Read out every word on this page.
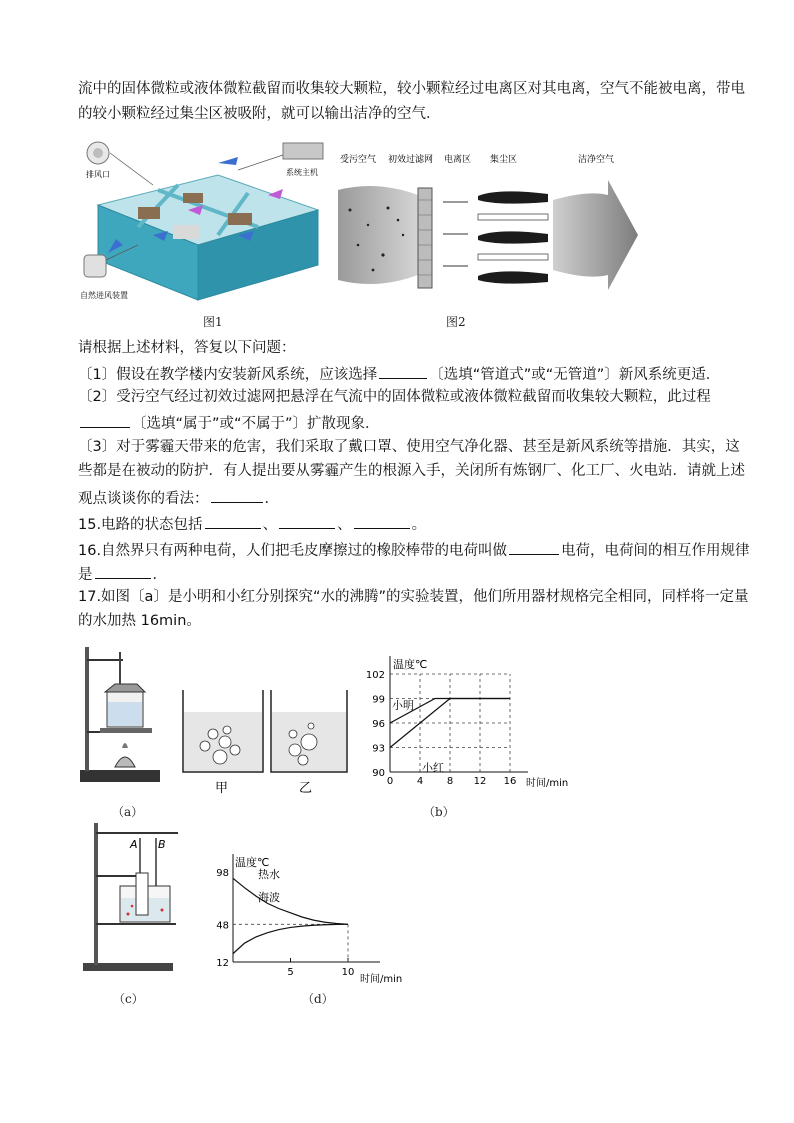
流中的固体微粒或液体微粒截留而收集较大颗粒，较小颗粒经过电离区对其电离，空气不能被电离，带电
的较小颗粒经过集尘区被吸附，就可以输出洁净的空气．
排风口	系统主机
自然进风装置
图1
受污空气 初效过滤网 电离区 集尘区	洁净空气
图2
请根据上述材料，答复以下问题：
〔1〕假设在教学楼内安装新风系统，应该选择	〔选填“管道式”或“无管道”〕新风系统更适．
〔2〕受污空气经过初效过滤网把悬浮在气流中的固体微粒或液体微粒截留而收集较大颗粒，此过程
〔选填“属于”或“不属于”〕扩散现象．
〔3〕对于雾霾天带来的危害，我们采取了戴口罩、使用空气净化器、甚至是新风系统等措施．其实，这
些都是在被动的防护．有人提出要从雾霾产生的根源入手，关闭所有炼钢厂、化工厂、火电站．请就上述
观点谈谈你的看法：	．
15.电路的状态包括	、	、	。
16.自然界只有两种电荷，人们把毛皮摩擦过的橡胶棒带的电荷叫做	电荷，电荷间的相互作用规律
是	．
17.如图〔a〕是小明和小红分别探究“水的沸腾”的实验装置，他们所用器材规格完全相同，同样将一定量
的水加热 16min。
甲	乙
（a）
0 4 8 12 16
90
93
96
99
102
温度℃
时间/min
小明
小红
（b）
A B
（c）
5	10
12
48
98
温度℃
时间/min
热水
海波
（d）
